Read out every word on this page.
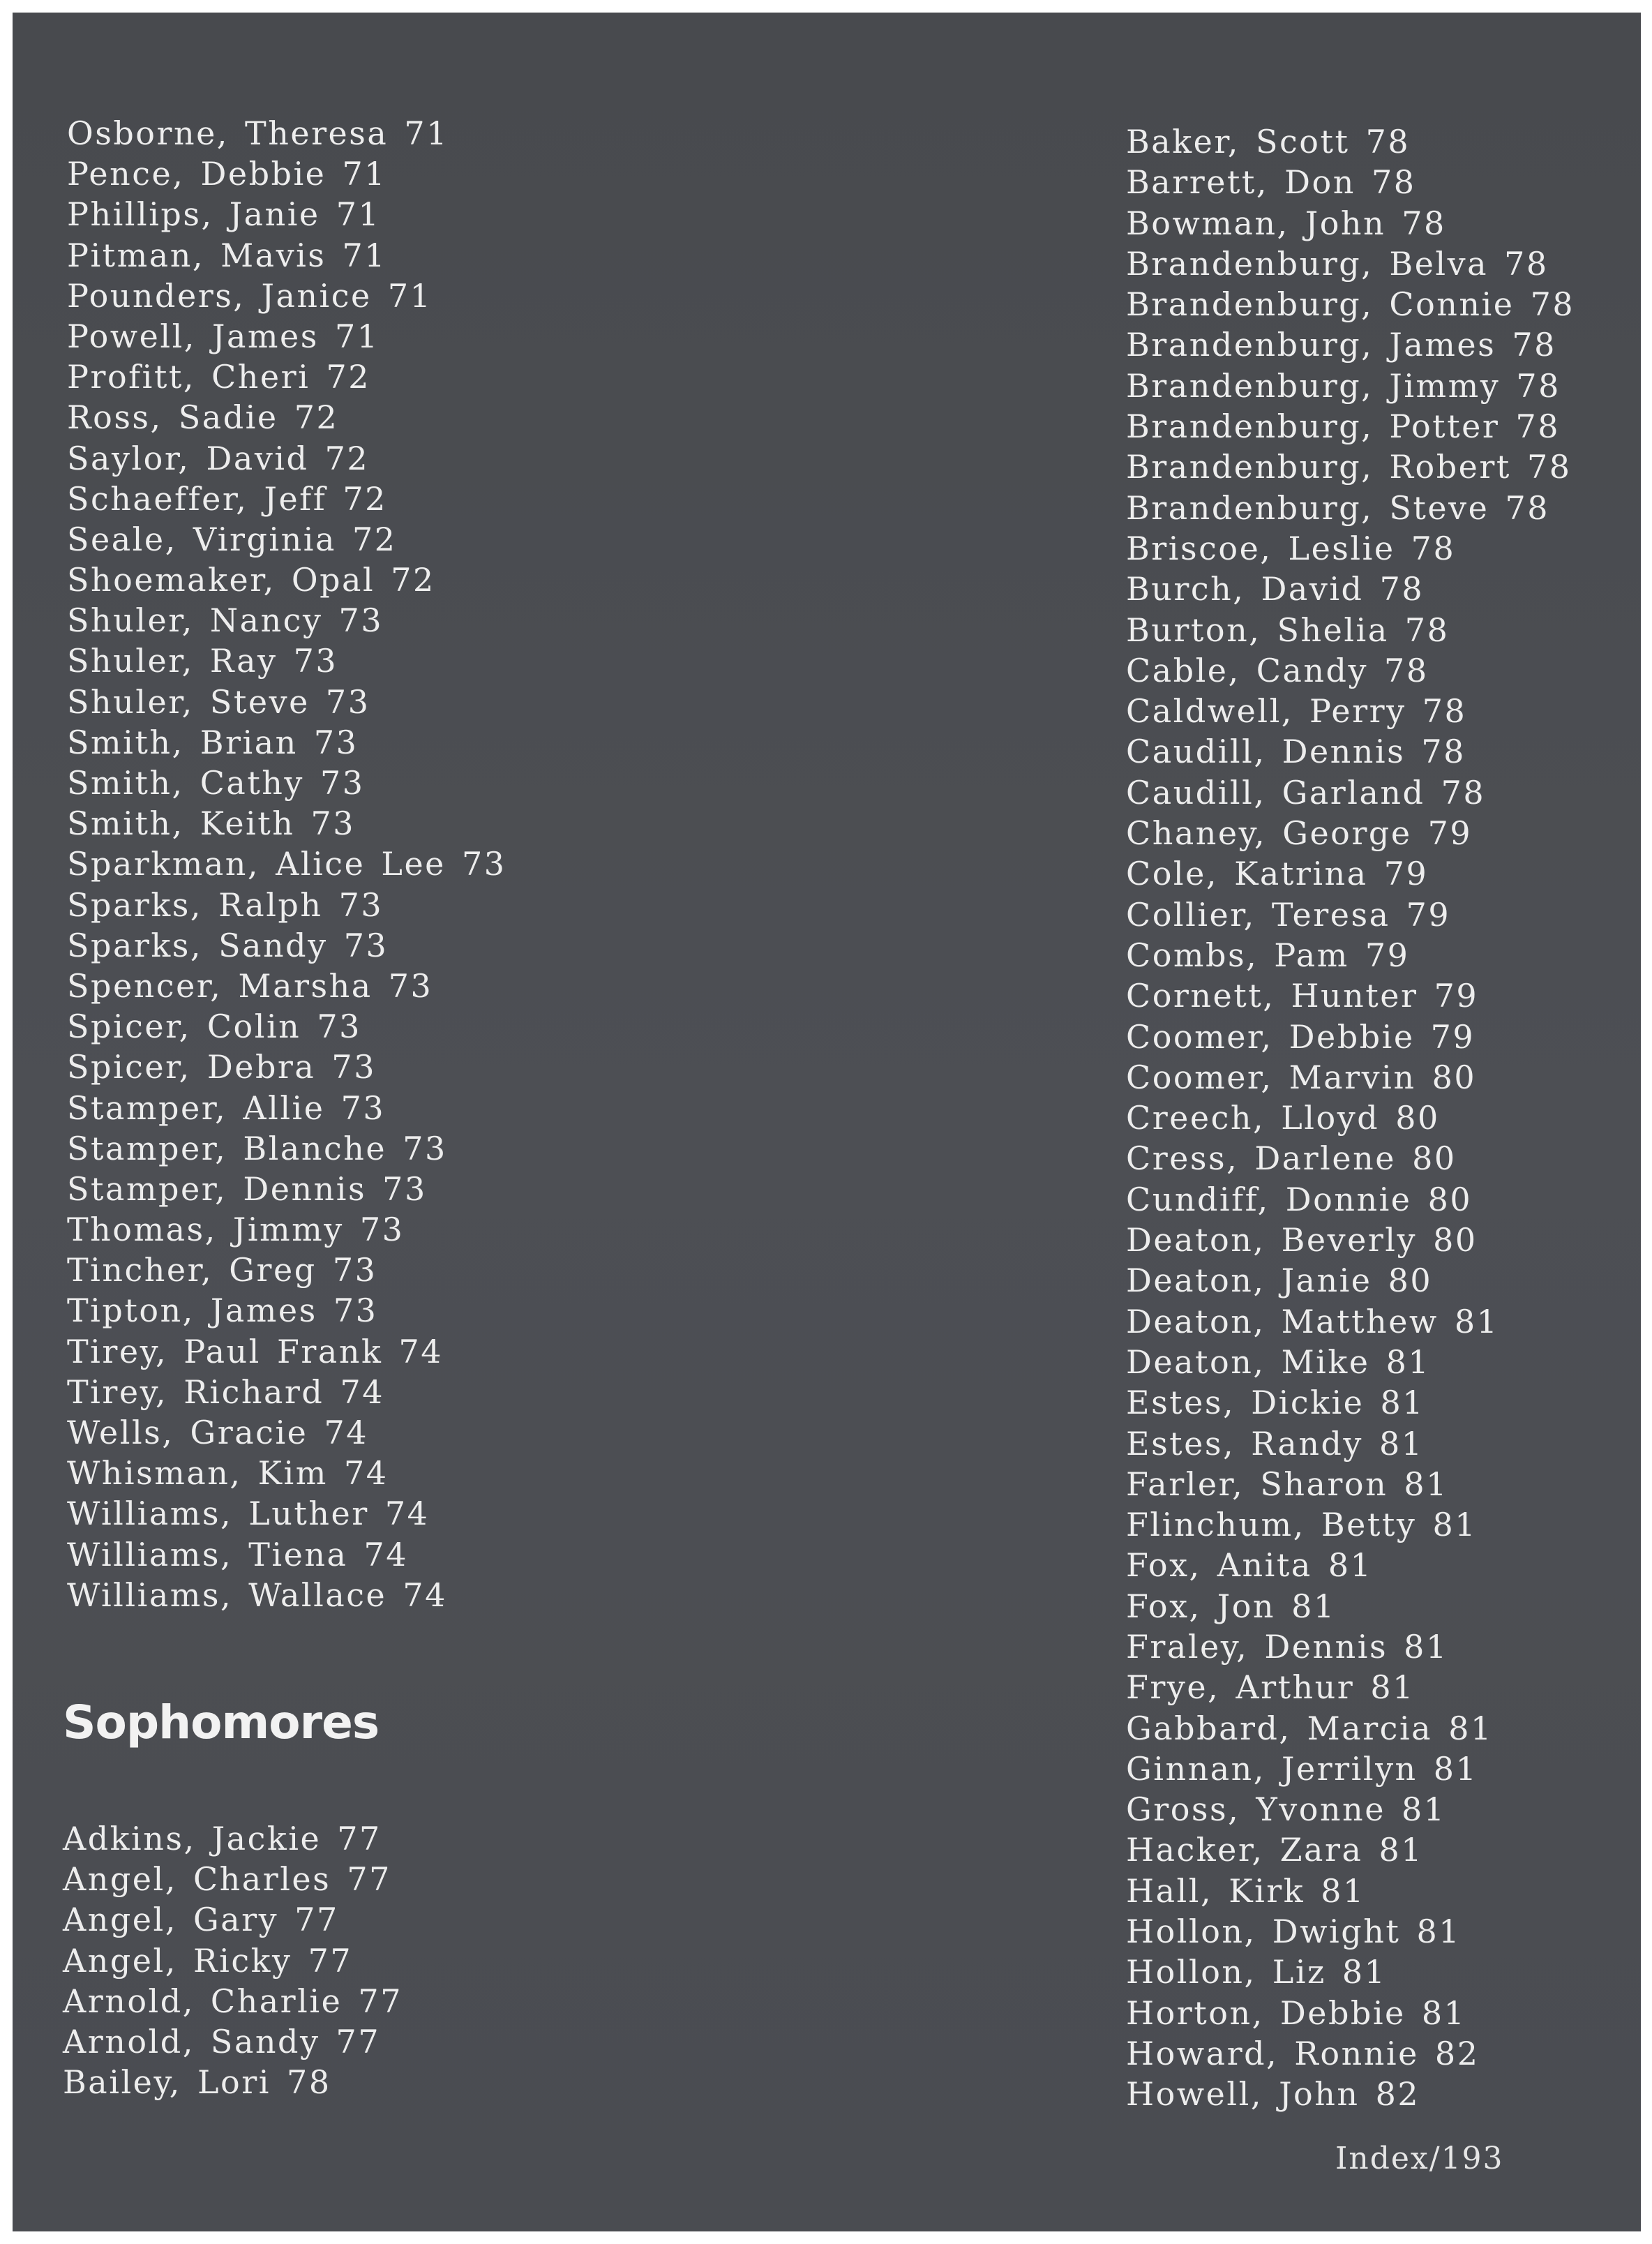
Osborne, Theresa 71
Pence, Debbie 71
Phillips, Janie 71
Pitman, Mavis 71
Pounders, Janice 71
Powell, James 71
Profitt, Cheri 72
Ross, Sadie 72
Saylor, David 72
Schaeffer, Jeff 72
Seale, Virginia 72
Shoemaker, Opal 72
Shuler, Nancy 73
Shuler, Ray 73
Shuler, Steve 73
Smith, Brian 73
Smith, Cathy 73
Smith, Keith 73
Sparkman, Alice Lee 73
Sparks, Ralph 73
Sparks, Sandy 73
Spencer, Marsha 73
Spicer, Colin 73
Spicer, Debra 73
Stamper, Allie 73
Stamper, Blanche 73
Stamper, Dennis 73
Thomas, Jimmy 73
Tincher, Greg 73
Tipton, James 73
Tirey, Paul Frank 74
Tirey, Richard 74
Wells, Gracie 74
Whisman, Kim 74
Williams, Luther 74
Williams, Tiena 74
Williams, Wallace 74
Sophomores
Adkins, Jackie 77
Angel, Charles 77
Angel, Gary 77
Angel, Ricky 77
Arnold, Charlie 77
Arnold, Sandy 77
Bailey, Lori 78
Baker, Scott 78
Barrett, Don 78
Bowman, John 78
Brandenburg, Belva 78
Brandenburg, Connie 78
Brandenburg, James 78
Brandenburg, Jimmy 78
Brandenburg, Potter 78
Brandenburg, Robert 78
Brandenburg, Steve 78
Briscoe, Leslie 78
Burch, David 78
Burton, Shelia 78
Cable, Candy 78
Caldwell, Perry 78
Caudill, Dennis 78
Caudill, Garland 78
Chaney, George 79
Cole, Katrina 79
Collier, Teresa 79
Combs, Pam 79
Cornett, Hunter 79
Coomer, Debbie 79
Coomer, Marvin 80
Creech, Lloyd 80
Cress, Darlene 80
Cundiff, Donnie 80
Deaton, Beverly 80
Deaton, Janie 80
Deaton, Matthew 81
Deaton, Mike 81
Estes, Dickie 81
Estes, Randy 81
Farler, Sharon 81
Flinchum, Betty 81
Fox, Anita 81
Fox, Jon 81
Fraley, Dennis 81
Frye, Arthur 81
Gabbard, Marcia 81
Ginnan, Jerrilyn 81
Gross, Yvonne 81
Hacker, Zara 81
Hall, Kirk 81
Hollon, Dwight 81
Hollon, Liz 81
Horton, Debbie 81
Howard, Ronnie 82
Howell, John 82
Index/193
